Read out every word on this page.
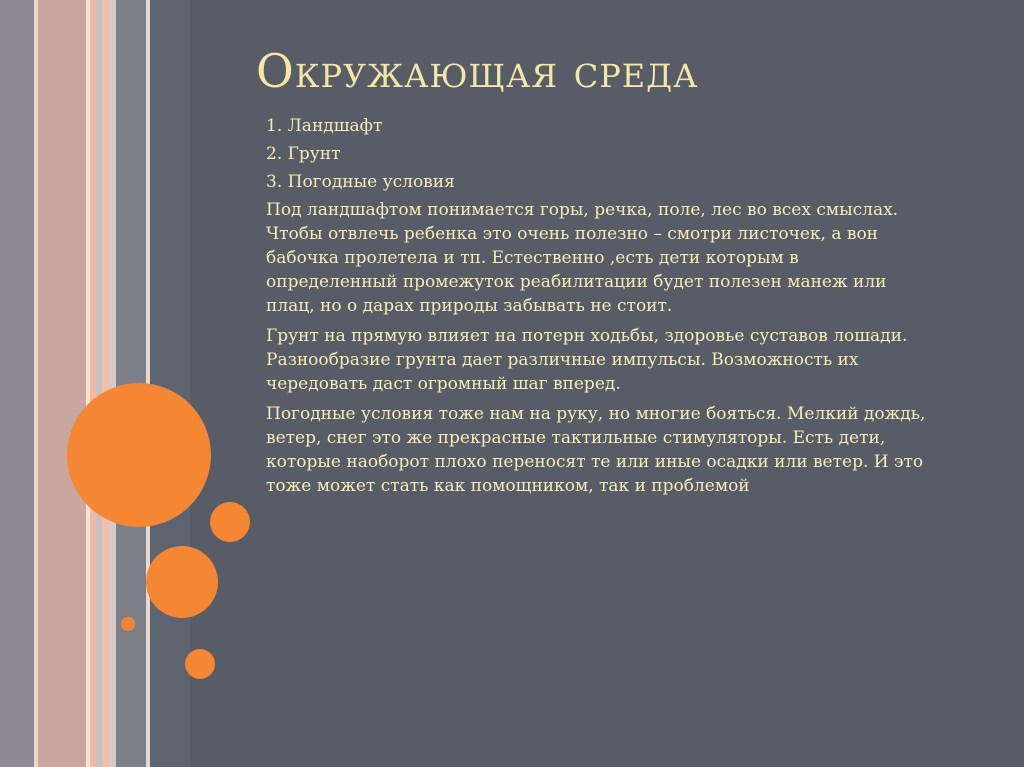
Окружающая среда

1. Ландшафт

2. Грунт

3. Погодные условия

Под ландшафтом понимается горы, речка, поле, лес во всех смыслах. Чтобы отвлечь ребенка это очень полезно – смотри листочек, а вон бабочка пролетела и тп. Естественно ,есть дети которым в определенный промежуток реабилитации будет полезен манеж или плац, но о дарах природы забывать не стоит.

Грунт на прямую влияет на потерн ходьбы, здоровье суставов лошади. Разнообразие грунта дает различные импульсы. Возможность их чередовать даст огромный шаг вперед.

Погодные условия тоже нам на руку, но многие бояться. Мелкий дождь, ветер, снег это же прекрасные тактильные стимуляторы. Есть дети, которые наоборот плохо переносят те или иные осадки или ветер. И это тоже может стать как помощником, так и проблемой
